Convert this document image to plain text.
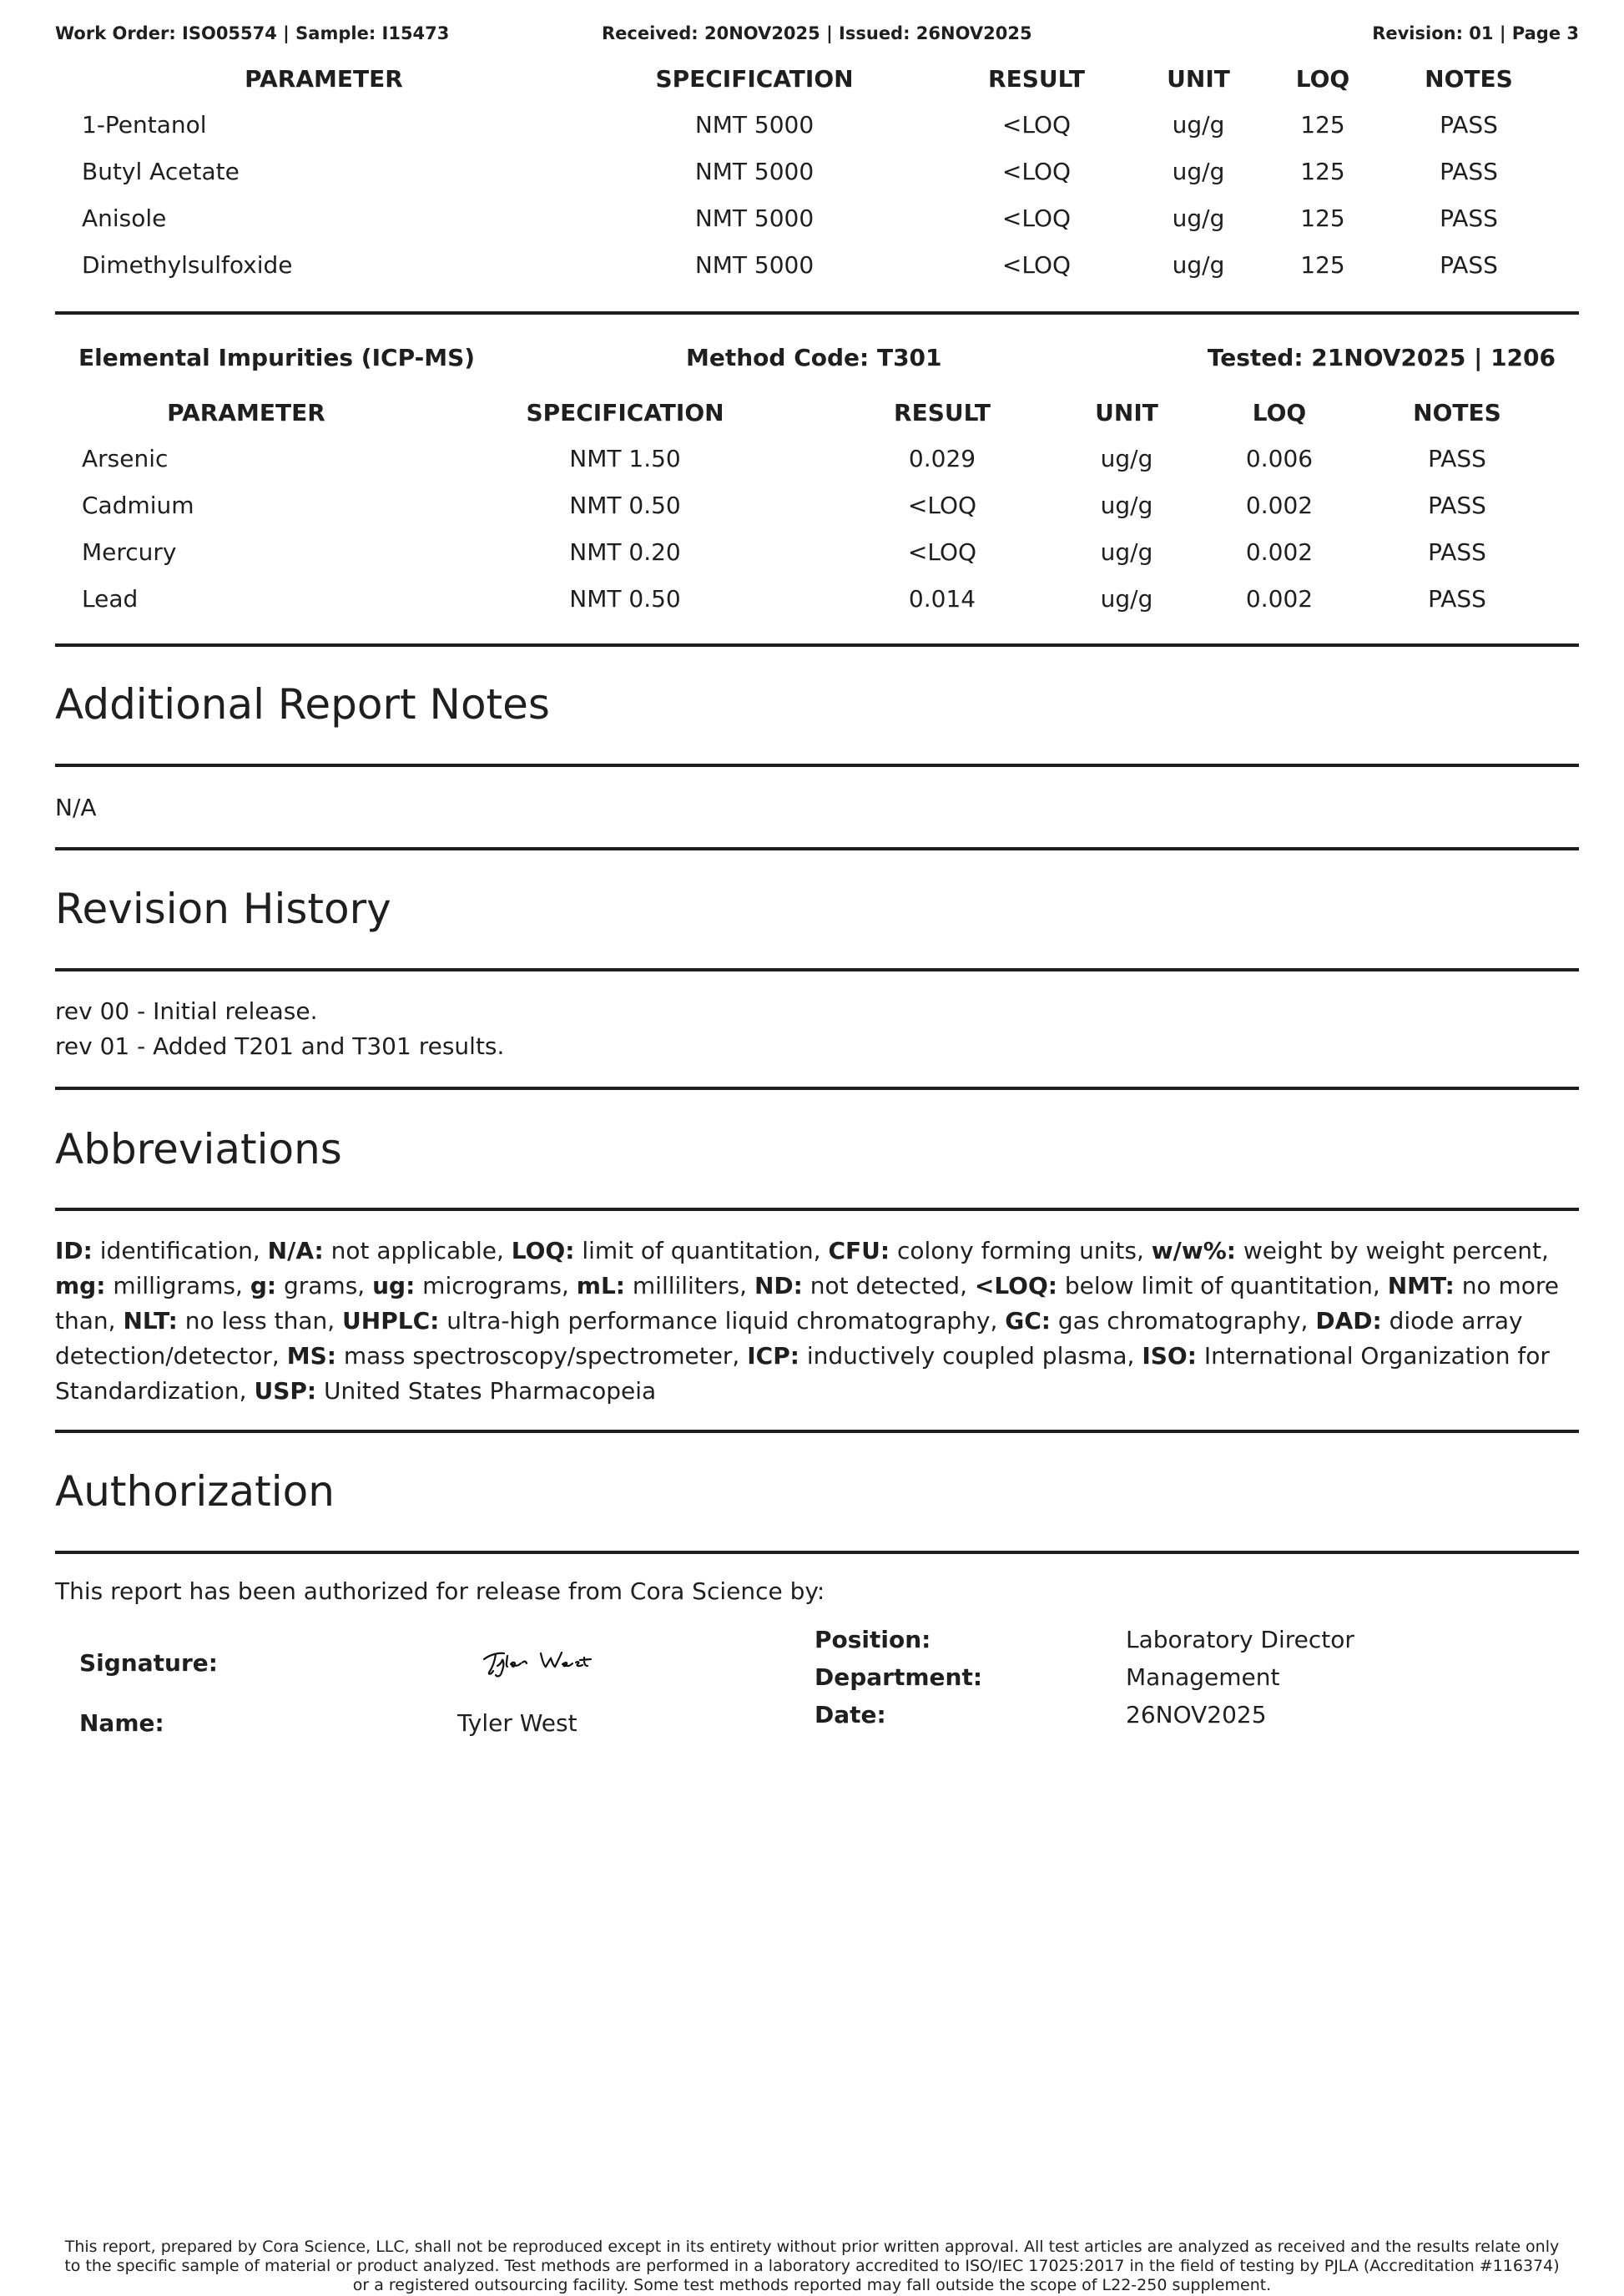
Work Order: ISO05574 | Sample: I15473	Received: 20NOV2025 | Issued: 26NOV2025	Revision: 01 | Page 3
PARAMETER	SPECIFICATION	RESULT	UNIT	LOQ	NOTES
1-Pentanol	NMT 5000	<LOQ	ug/g	125	PASS
Butyl Acetate	NMT 5000	<LOQ	ug/g	125	PASS
Anisole	NMT 5000	<LOQ	ug/g	125	PASS
Dimethylsulfoxide	NMT 5000	<LOQ	ug/g	125	PASS
Elemental Impurities (ICP-MS)	Method Code: T301	Tested: 21NOV2025 | 1206
PARAMETER	SPECIFICATION	RESULT	UNIT	LOQ	NOTES
Arsenic	NMT 1.50	0.029	ug/g	0.006	PASS
Cadmium	NMT 0.50	<LOQ	ug/g	0.002	PASS
Mercury	NMT 0.20	<LOQ	ug/g	0.002	PASS
Lead	NMT 0.50	0.014	ug/g	0.002	PASS
Additional Report Notes
N/A
Revision History
rev 00 - Initial release.
rev 01 - Added T201 and T301 results.
Abbreviations
ID: identification, N/A: not applicable, LOQ: limit of quantitation, CFU: colony forming units, w/w%: weight by weight percent, mg: milligrams, g: grams, ug: micrograms, mL: milliliters, ND: not detected, <LOQ: below limit of quantitation, NMT: no more than, NLT: no less than, UHPLC: ultra-high performance liquid chromatography, GC: gas chromatography, DAD: diode array detection/detector, MS: mass spectroscopy/spectrometer, ICP: inductively coupled plasma, ISO: International Organization for Standardization, USP: United States Pharmacopeia
Authorization
This report has been authorized for release from Cora Science by:
Signature:
Name:	Tyler West
Position:	Laboratory Director
Department:	Management
Date:	26NOV2025
This report, prepared by Cora Science, LLC, shall not be reproduced except in its entirety without prior written approval. All test articles are analyzed as received and the results relate only
to the specific sample of material or product analyzed. Test methods are performed in a laboratory accredited to ISO/IEC 17025:2017 in the field of testing by PJLA (Accreditation #116374)
or a registered outsourcing facility. Some test methods reported may fall outside the scope of L22-250 supplement.
